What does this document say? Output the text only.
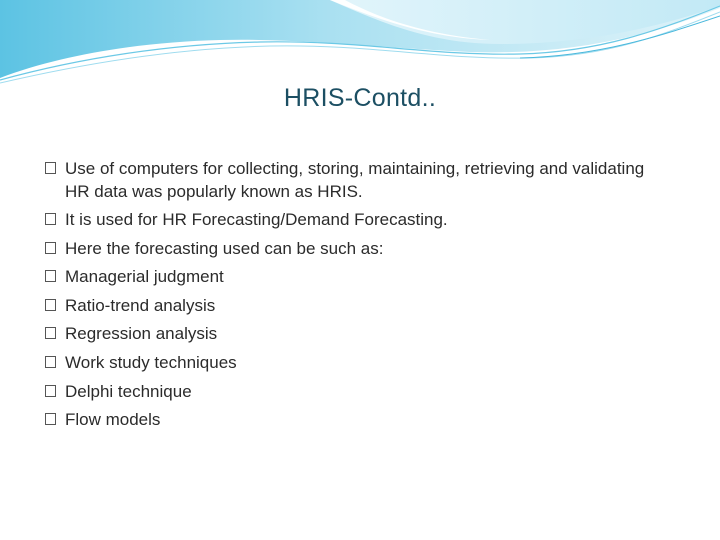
HRIS-Contd..
Use of computers for collecting, storing, maintaining, retrieving and validating HR data was popularly known as HRIS.
It is used for HR Forecasting/Demand Forecasting.
Here the forecasting used can be such as:
Managerial judgment
Ratio-trend analysis
Regression analysis
Work study techniques
Delphi technique
Flow models
